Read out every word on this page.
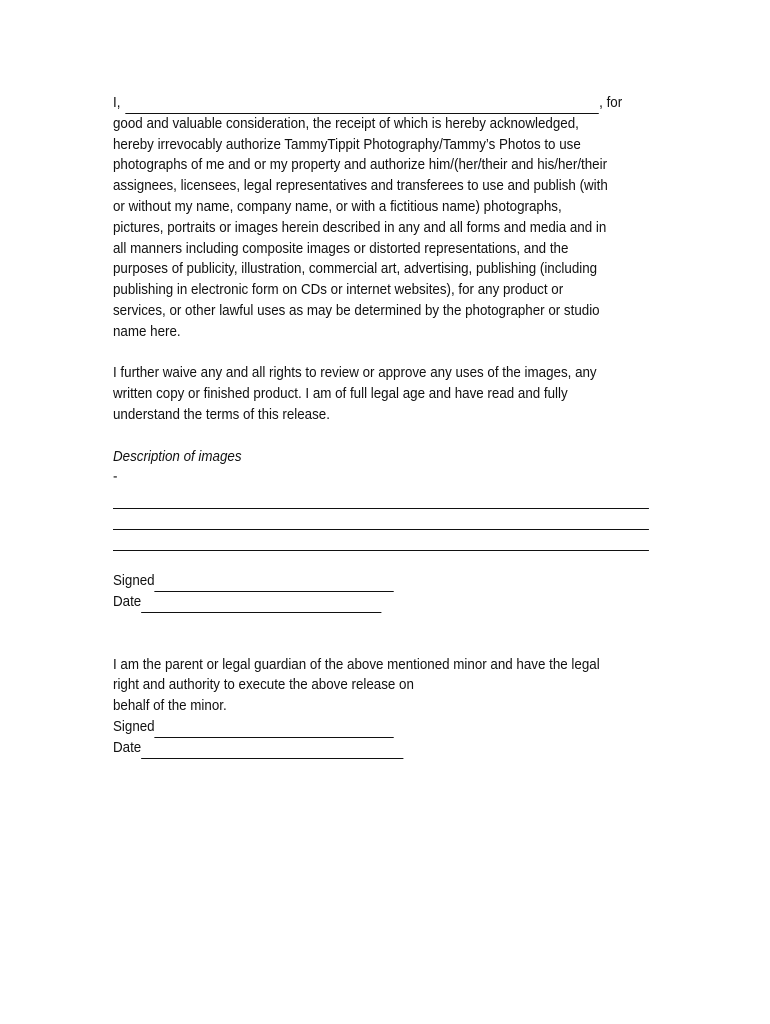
I,	, for
good and valuable consideration, the receipt of which is hereby acknowledged,
hereby irrevocably authorize TammyTippit Photography/Tammy’s Photos to use
photographs of me and or my property and authorize him/(her/their and his/her/their
assignees, licensees, legal representatives and transferees to use and publish (with
or without my name, company name, or with a fictitious name) photographs,
pictures, portraits or images herein described in any and all forms and media and in
all manners including composite images or distorted representations, and the
purposes of publicity, illustration, commercial art, advertising, publishing (including
publishing in electronic form on CDs or internet websites), for any product or
services, or other lawful uses as may be determined by the photographer or studio
name here.
I further waive any and all rights to review or approve any uses of the images, any
written copy or finished product. I am of full legal age and have read and fully
understand the terms of this release.
Description of images
-
Signed
Date
I am the parent or legal guardian of the above mentioned minor and have the legal
right and authority to execute the above release on
behalf of the minor.
Signed
Date
